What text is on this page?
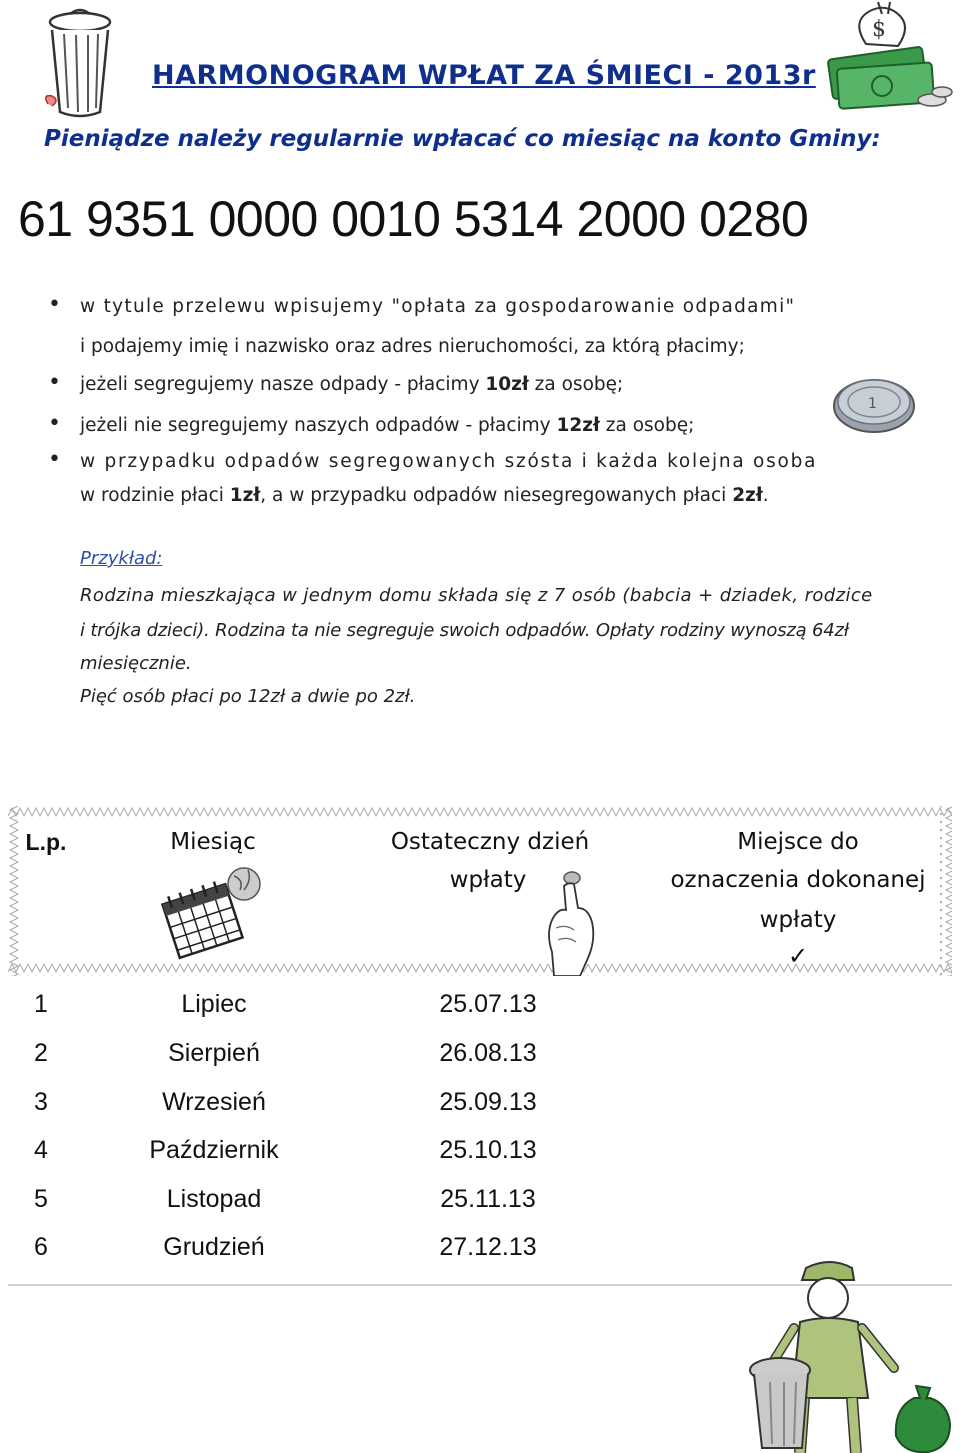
$
HARMONOGRAM WPŁAT ZA ŚMIECI - 2013r
Pieniądze należy regularnie wpłacać co miesiąc na konto Gminy:
61 9351 0000 0010 5314 2000 0280
• w tytule przelewu wpisujemy "opłata za gospodarowanie odpadami"
i podajemy imię i nazwisko oraz adres nieruchomości, za którą płacimy;
• jeżeli segregujemy nasze odpady - płacimy 10zł za osobę;
• jeżeli nie segregujemy naszych odpadów - płacimy 12zł za osobę;
1
• w przypadku odpadów segregowanych szósta i każda kolejna osoba
w rodzinie płaci 1zł, a w przypadku odpadów niesegregowanych płaci 2zł.
Przykład:
Rodzina mieszkająca w jednym domu składa się z 7 osób (babcia + dziadek, rodzice
i trójka dzieci). Rodzina ta nie segreguje swoich odpadów. Opłaty rodziny wynoszą 64zł
miesięcznie.
Pięć osób płaci po 12zł a dwie po 2zł.
L.p.	Miesiąc	Ostateczny dzień
wpłaty
Miejsce do
oznaczenia dokonanej
wpłaty
✓
1	Lipiec	25.07.13
2	Sierpień	26.08.13
3	Wrzesień	25.09.13
4	Październik	25.10.13
5	Listopad	25.11.13
6	Grudzień	27.12.13
